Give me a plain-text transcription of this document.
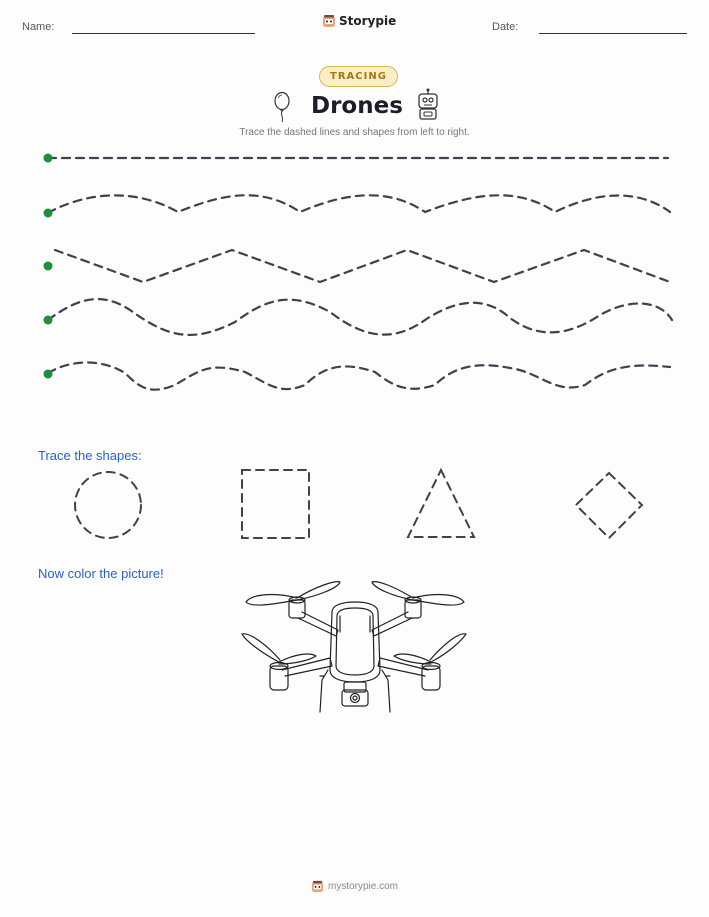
Name:	Storypie	Date:
TRACING
Drones
Trace the dashed lines and shapes from left to right.
Trace the shapes:
Now color the picture!
mystorypie.com
